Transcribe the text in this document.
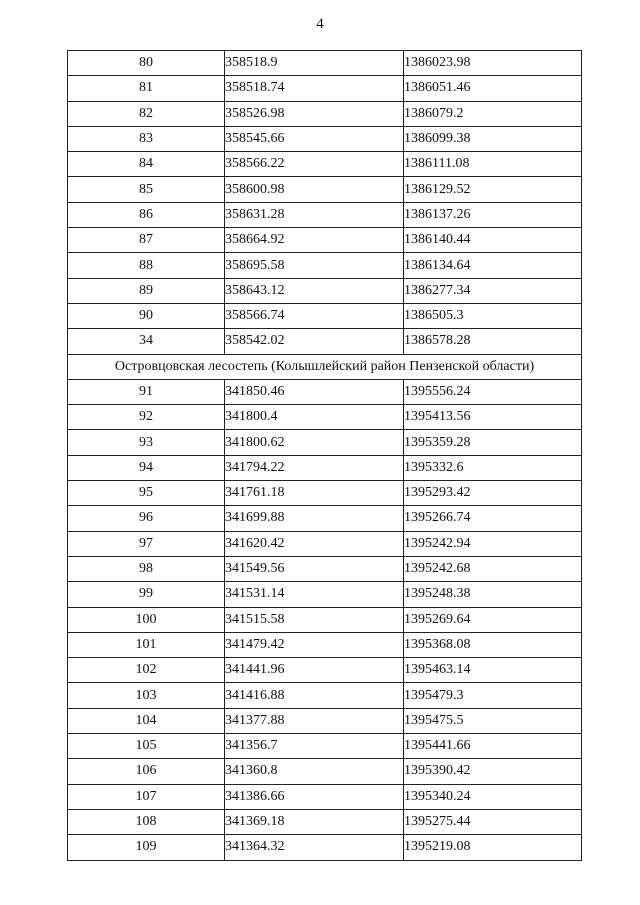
4
80	358518.9	1386023.98
81	358518.74	1386051.46
82	358526.98	1386079.2
83	358545.66	1386099.38
84	358566.22	1386111.08
85	358600.98	1386129.52
86	358631.28	1386137.26
87	358664.92	1386140.44
88	358695.58	1386134.64
89	358643.12	1386277.34
90	358566.74	1386505.3
34	358542.02	1386578.28
Островцовская лесостепь (Колышлейский район Пензенской области)		
91	341850.46	1395556.24
92	341800.4	1395413.56
93	341800.62	1395359.28
94	341794.22	1395332.6
95	341761.18	1395293.42
96	341699.88	1395266.74
97	341620.42	1395242.94
98	341549.56	1395242.68
99	341531.14	1395248.38
100	341515.58	1395269.64
101	341479.42	1395368.08
102	341441.96	1395463.14
103	341416.88	1395479.3
104	341377.88	1395475.5
105	341356.7	1395441.66
106	341360.8	1395390.42
107	341386.66	1395340.24
108	341369.18	1395275.44
109	341364.32	1395219.08
